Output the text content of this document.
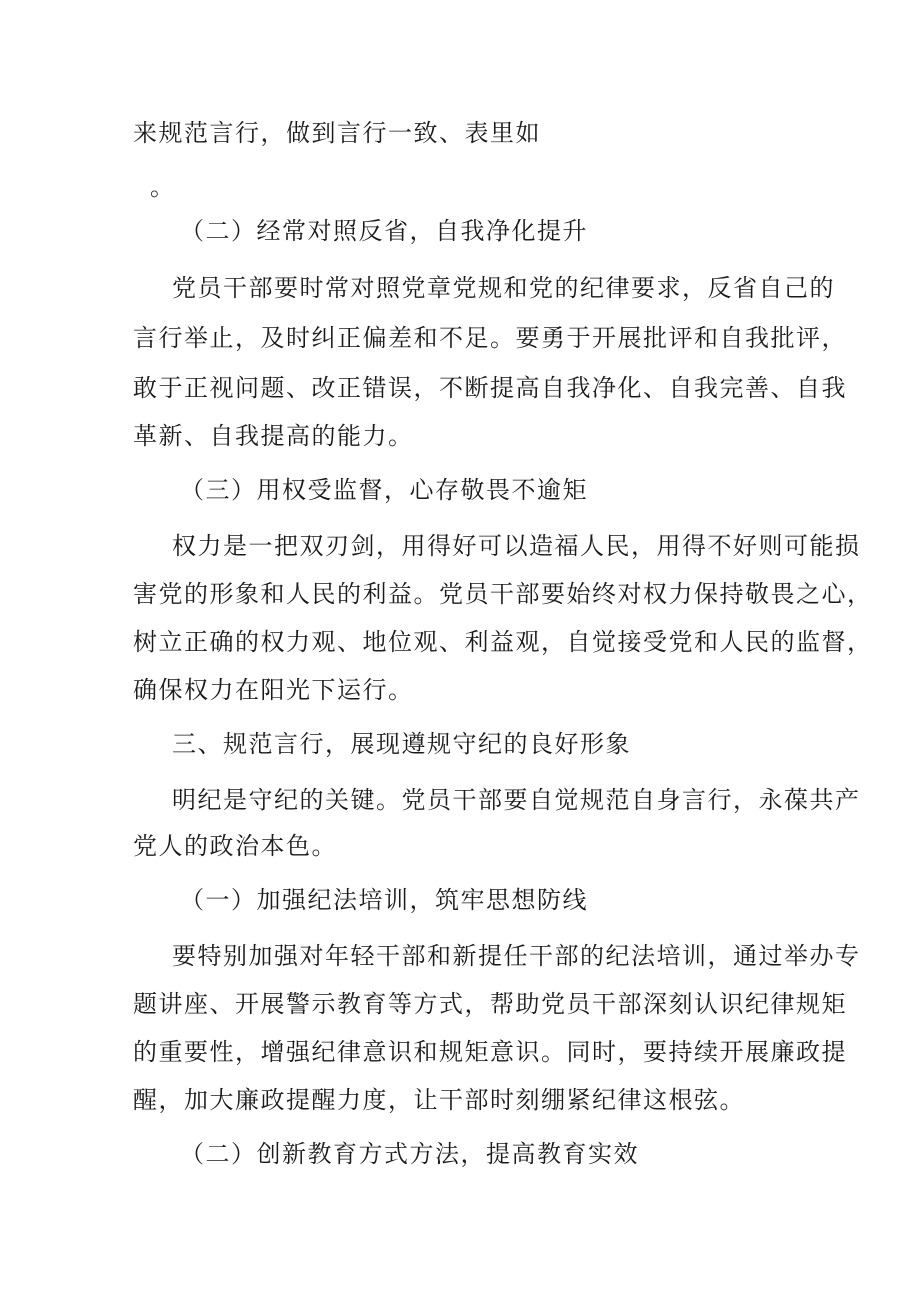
来规范言行，做到言行一致、表里如
。
（二）经常对照反省，自我净化提升
党员干部要时常对照党章党规和党的纪律要求，反省自己的
言行举止，及时纠正偏差和不足。要勇于开展批评和自我批评，
敢于正视问题、改正错误，不断提高自我净化、自我完善、自我
革新、自我提高的能力。
（三）用权受监督，心存敬畏不逾矩
权力是一把双刃剑，用得好可以造福人民，用得不好则可能损
害党的形象和人民的利益。党员干部要始终对权力保持敬畏之心，
树立正确的权力观、地位观、利益观，自觉接受党和人民的监督，
确保权力在阳光下运行。
三、规范言行，展现遵规守纪的良好形象
明纪是守纪的关键。党员干部要自觉规范自身言行，永葆共产
党人的政治本色。
（一）加强纪法培训，筑牢思想防线
要特别加强对年轻干部和新提任干部的纪法培训，通过举办专
题讲座、开展警示教育等方式，帮助党员干部深刻认识纪律规矩
的重要性，增强纪律意识和规矩意识。同时，要持续开展廉政提
醒，加大廉政提醒力度，让干部时刻绷紧纪律这根弦。
（二）创新教育方式方法，提高教育实效
